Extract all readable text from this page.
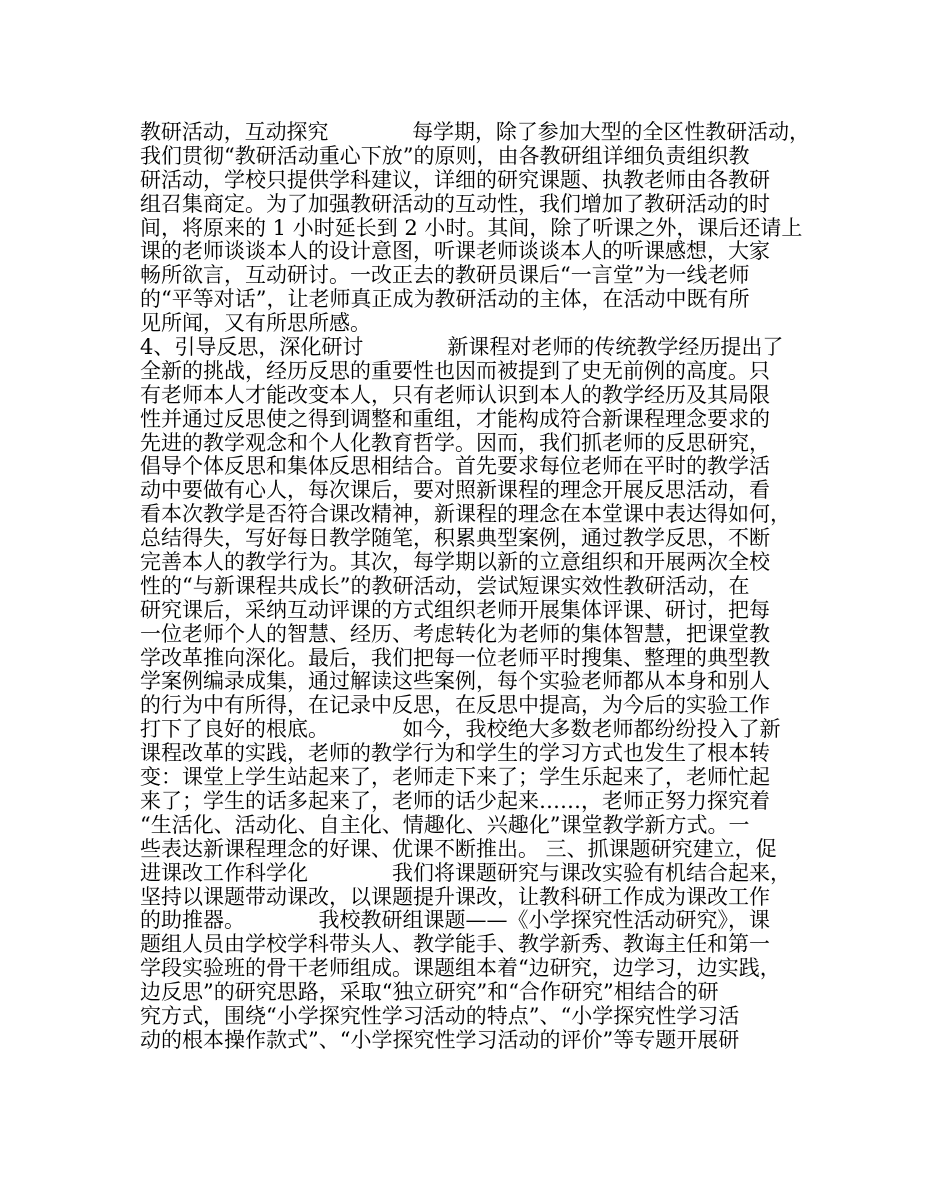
教研活动，互动探究　　　　每学期，除了参加大型的全区性教研活动，
我们贯彻“教研活动重心下放”的原则，由各教研组详细负责组织教
研活动，学校只提供学科建议，详细的研究课题、执教老师由各教研
组召集商定。为了加强教研活动的互动性，我们增加了教研活动的时
间，将原来的 1 小时延长到 2 小时。其间，除了听课之外，课后还请上
课的老师谈谈本人的设计意图，听课老师谈谈本人的听课感想，大家
畅所欲言，互动研讨。一改正去的教研员课后“一言堂”为一线老师
的“平等对话”，让老师真正成为教研活动的主体，在活动中既有所
见所闻，又有所思所感。
4、引导反思，深化研讨　　　　新课程对老师的传统教学经历提出了
全新的挑战，经历反思的重要性也因而被提到了史无前例的高度。只
有老师本人才能改变本人，只有老师认识到本人的教学经历及其局限
性并通过反思使之得到调整和重组，才能构成符合新课程理念要求的
先进的教学观念和个人化教育哲学。因而，我们抓老师的反思研究，
倡导个体反思和集体反思相结合。首先要求每位老师在平时的教学活
动中要做有心人，每次课后，要对照新课程的理念开展反思活动，看
看本次教学是否符合课改精神，新课程的理念在本堂课中表达得如何，
总结得失，写好每日教学随笔，积累典型案例，通过教学反思，不断
完善本人的教学行为。其次，每学期以新的立意组织和开展两次全校
性的“与新课程共成长”的教研活动，尝试短课实效性教研活动，在
研究课后，采纳互动评课的方式组织老师开展集体评课、研讨，把每
一位老师个人的智慧、经历、考虑转化为老师的集体智慧，把课堂教
学改革推向深化。最后，我们把每一位老师平时搜集、整理的典型教
学案例编录成集，通过解读这些案例，每个实验老师都从本身和别人
的行为中有所得，在记录中反思，在反思中提高，为今后的实验工作
打下了良好的根底。　　　　如今，我校绝大多数老师都纷纷投入了新
课程改革的实践，老师的教学行为和学生的学习方式也发生了根本转
变：课堂上学生站起来了，老师走下来了；学生乐起来了，老师忙起
来了；学生的话多起来了，老师的话少起来……，老师正努力探究着
“生活化、活动化、自主化、情趣化、兴趣化”课堂教学新方式。一
些表达新课程理念的好课、优课不断推出。 三、抓课题研究建立，促
进课改工作科学化　　　　我们将课题研究与课改实验有机结合起来，
坚持以课题带动课改，以课题提升课改，让教科研工作成为课改工作
的助推器。　　　　我校教研组课题——《小学探究性活动研究》，课
题组人员由学校学科带头人、教学能手、教学新秀、教诲主任和第一
学段实验班的骨干老师组成。课题组本着“边研究，边学习，边实践，
边反思”的研究思路，采取“独立研究”和“合作研究”相结合的研
究方式，围绕“小学探究性学习活动的特点”、“小学探究性学习活
动的根本操作款式”、“小学探究性学习活动的评价”等专题开展研
